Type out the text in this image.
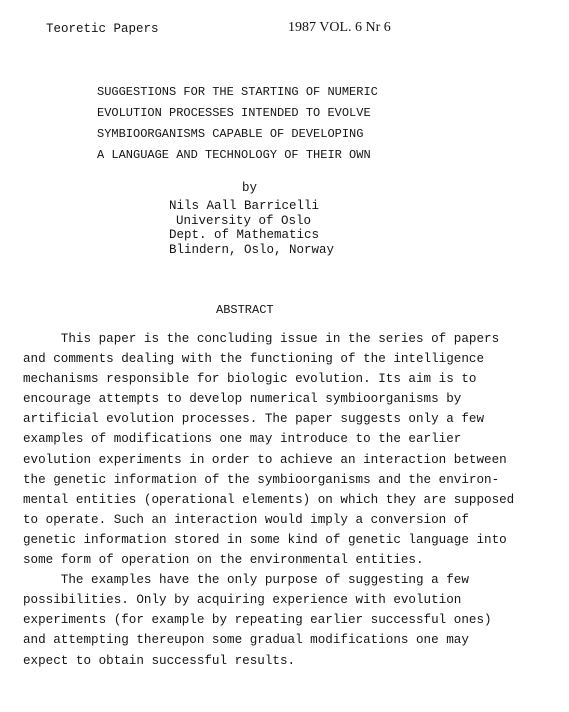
Teoretic Papers	1987 VOL. 6 Nr 6
SUGGESTIONS FOR THE STARTING OF NUMERIC
EVOLUTION PROCESSES INTENDED TO EVOLVE
SYMBIOORGANISMS CAPABLE OF DEVELOPING
A LANGUAGE AND TECHNOLOGY OF THEIR OWN
by
Nils Aall Barricelli
University of Oslo
Dept. of Mathematics
Blindern, Oslo, Norway
ABSTRACT
This paper is the concluding issue in the series of papers
and comments dealing with the functioning of the intelligence
mechanisms responsible for biologic evolution. Its aim is to
encourage attempts to develop numerical symbioorganisms by
artificial evolution processes. The paper suggests only a few
examples of modifications one may introduce to the earlier
evolution experiments in order to achieve an interaction between
the genetic information of the symbioorganisms and the environ-
mental entities (operational elements) on which they are supposed
to operate. Such an interaction would imply a conversion of
genetic information stored in some kind of genetic language into
some form of operation on the environmental entities.
The examples have the only purpose of suggesting a few
possibilities. Only by acquiring experience with evolution
experiments (for example by repeating earlier successful ones)
and attempting thereupon some gradual modifications one may
expect to obtain successful results.
